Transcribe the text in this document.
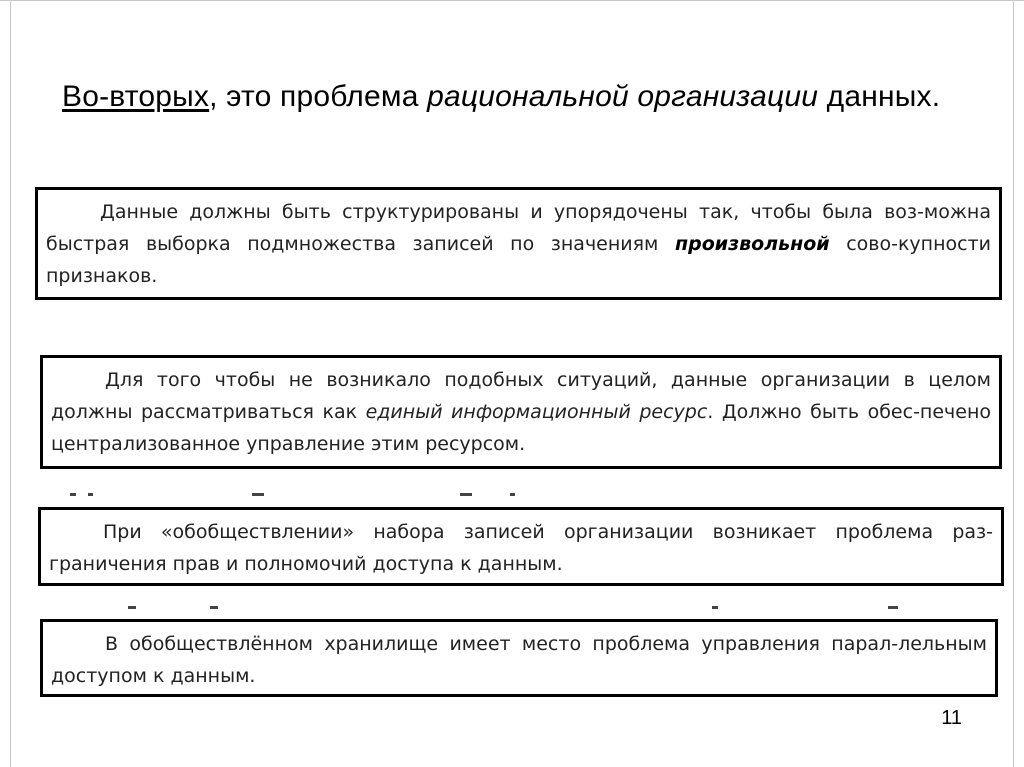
Во-вторых, это проблема рациональной организации данных.

Данные должны быть структурированы и упорядочены так, чтобы была воз-можна быстрая выборка подмножества записей по значениям произвольной сово-купности признаков.

Для того чтобы не возникало подобных ситуаций, данные организации в целом должны рассматриваться как единый информационный ресурс. Должно быть обес-печено централизованное управление этим ресурсом.

При «обобществлении» набора записей организации возникает проблема раз-граничения прав и полномочий доступа к данным.

В обобществлённом хранилище имеет место проблема управления парал-лельным доступом к данным.

11
